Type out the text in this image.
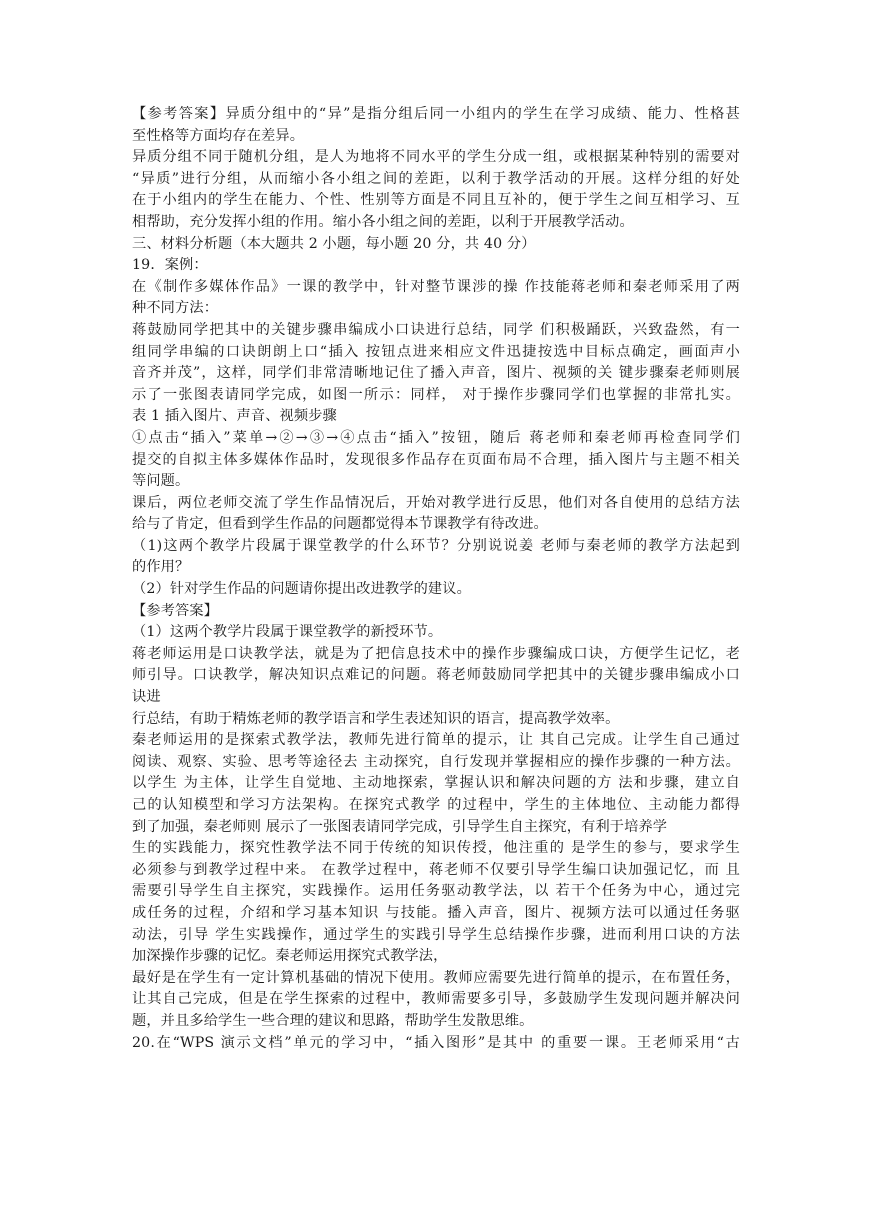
【参考答案】异质分组中的“异”是指分组后同一小组内的学生在学习成绩、能力、性格甚
至性格等方面均存在差异。
异质分组不同于随机分组，是人为地将不同水平的学生分成一组，或根据某种特别的需要对
“异质”进行分组，从而缩小各小组之间的差距，以利于教学活动的开展。这样分组的好处
在于小组内的学生在能力、个性、性别等方面是不同且互补的，便于学生之间互相学习、互
相帮助，充分发挥小组的作用。缩小各小组之间的差距，以利于开展教学活动。
三、材料分析题（本大题共 2 小题，每小题 20 分，共 40 分）
19．案例：
在《制作多媒体作品》一课的教学中，针对整节课涉的操 作技能蒋老师和秦老师采用了两
种不同方法：
蒋鼓励同学把其中的关键步骤串编成小口诀进行总结，同学 们积极踊跃，兴致盎然，有一
组同学串编的口诀朗朗上口“插入 按钮点进来相应文件迅捷按选中目标点确定，画面声小
音齐并茂”，这样，同学们非常清晰地记住了播入声音，图片、视频的关 键步骤秦老师则展
示了一张图表请同学完成，如图一所示：同样， 对于操作步骤同学们也掌握的非常扎实。
表 1 插入图片、声音、视频步骤
①点击“插入”菜单→②→③→④点击“插入”按钮，随后 蒋老师和秦老师再检查同学们
提交的自拟主体多媒体作品时，发现很多作品存在页面布局不合理，插入图片与主题不相关
等问题。
课后，两位老师交流了学生作品情况后，开始对教学进行反思，他们对各自使用的总结方法
给与了肯定，但看到学生作品的问题都觉得本节课教学有待改进。
（1)这两个教学片段属于课堂教学的什么环节？分别说说姜 老师与秦老师的教学方法起到
的作用？
（2）针对学生作品的问题请你提出改进教学的建议。
【参考答案】
（1）这两个教学片段属于课堂教学的新授环节。
蒋老师运用是口诀教学法，就是为了把信息技术中的操作步骤编成口诀，方便学生记忆，老
师引导。口诀教学，解决知识点难记的问题。蒋老师鼓励同学把其中的关键步骤串编成小口
诀进
行总结，有助于精炼老师的教学语言和学生表述知识的语言，提高教学效率。
秦老师运用的是探索式教学法，教师先进行简单的提示，让 其自己完成。让学生自己通过
阅读、观察、实验、思考等途径去 主动探究，自行发现并掌握相应的操作步骤的一种方法。
以学生 为主体，让学生自觉地、主动地探索，掌握认识和解决问题的方 法和步骤，建立自
己的认知模型和学习方法架构。在探究式教学 的过程中，学生的主体地位、主动能力都得
到了加强，秦老师则 展示了一张图表请同学完成，引导学生自主探究，有利于培养学
生的实践能力，探究性教学法不同于传统的知识传授，他注重的 是学生的参与，要求学生
必须参与到教学过程中来。 在教学过程中，蒋老师不仅要引导学生编口诀加强记忆，而 且
需要引导学生自主探究，实践操作。运用任务驱动教学法，以 若干个任务为中心，通过完
成任务的过程，介绍和学习基本知识 与技能。播入声音，图片、视频方法可以通过任务驱
动法，引导 学生实践操作，通过学生的实践引导学生总结操作步骤，进而利用口诀的方法
加深操作步骤的记忆。秦老师运用探究式教学法，
最好是在学生有一定计算机基础的情况下使用。教师应需要先进行简单的提示，在布置任务，
让其自己完成，但是在学生探索的过程中，教师需要多引导，多鼓励学生发现问题并解决问
题，并且多给学生一些合理的建议和思路，帮助学生发散思维。
20.在“WPS 演示文档”单元的学习中，“插入图形”是其中 的重要一课。王老师采用“古
